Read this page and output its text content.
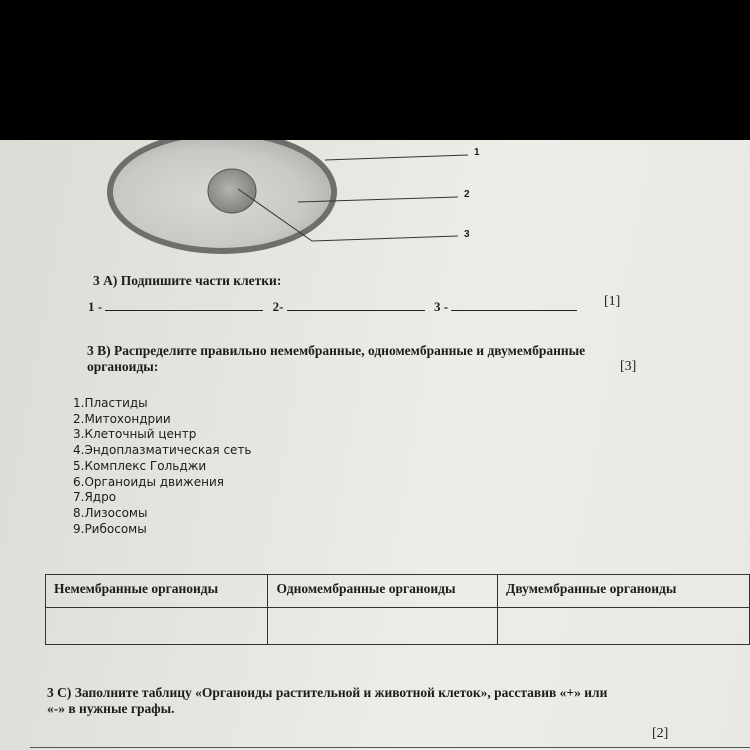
1
2
3
3 А) Подпишите части клетки:
1 -	2-	3 -	[1]
3 В) Распределите правильно немембранные, одномембранные и двумембранные
органоиды:	[3]
1.Пластиды
2.Митохондрии
3.Клеточный центр
4.Эндоплазматическая сеть
5.Комплекс Гольджи
6.Органоиды движения
7.Ядро
8.Лизосомы
9.Рибосомы
Немембранные органоиды	Одномембранные органоиды	Двумембранные органоиды

3 С) Заполните таблицу «Органоиды растительной и животной клеток», расставив «+» или
«-» в нужные графы.
[2]
